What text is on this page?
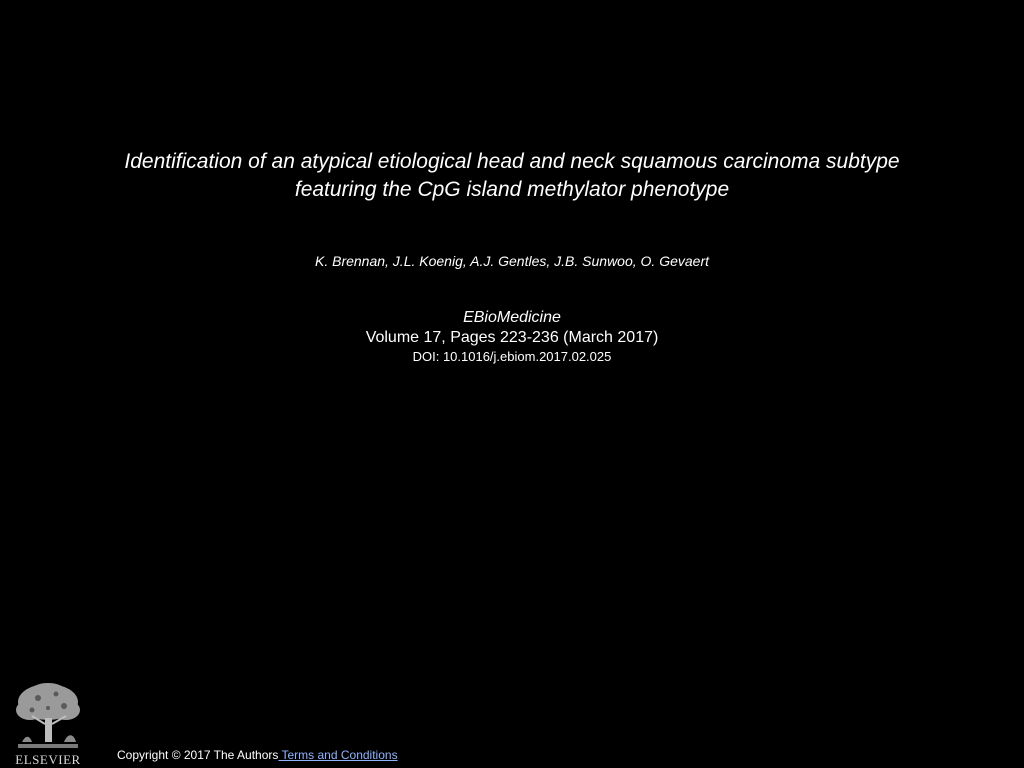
Identification of an atypical etiological head and neck squamous carcinoma subtype
featuring the CpG island methylator phenotype
K. Brennan, J.L. Koenig, A.J. Gentles, J.B. Sunwoo, O. Gevaert
EBioMedicine
Volume 17, Pages 223-236 (March 2017)
DOI: 10.1016/j.ebiom.2017.02.025
ELSEVIER	Copyright © 2017 The Authors Terms and Conditions
